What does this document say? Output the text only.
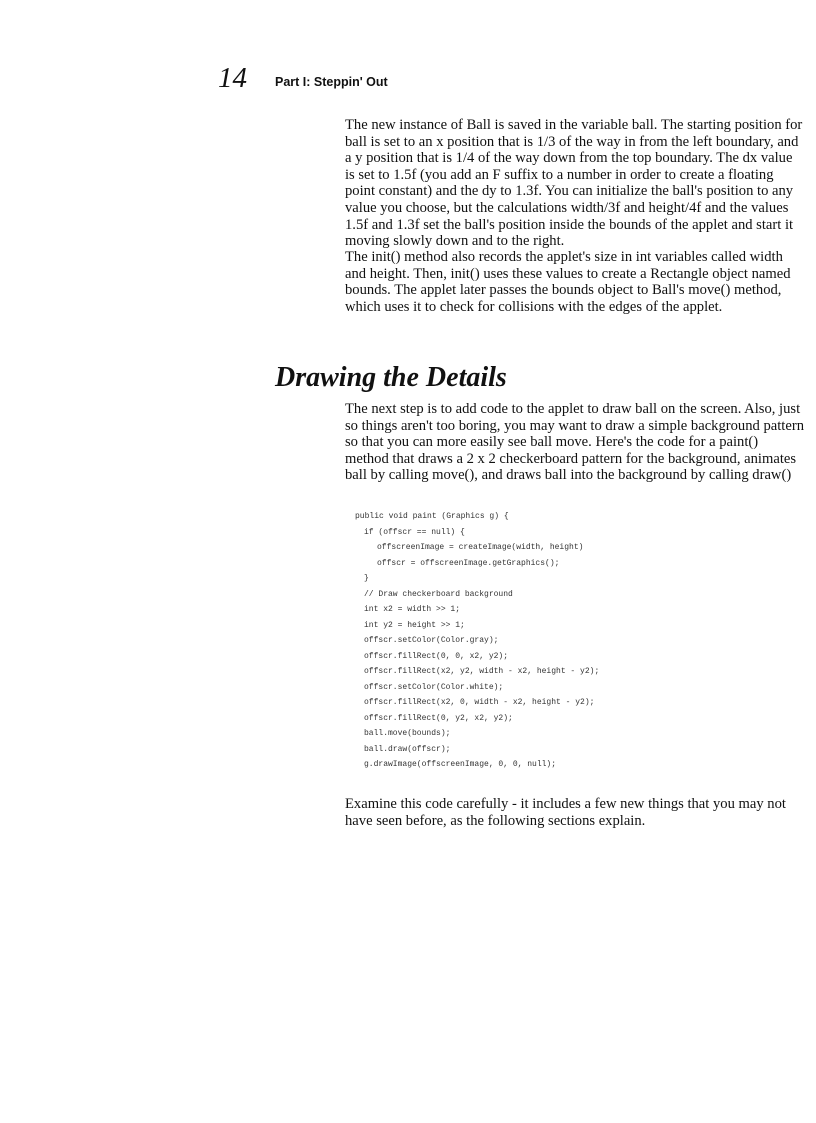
14 Part I: Steppin' Out

The new instance of Ball is saved in the variable ball. The starting position for ball is set to an x position that is 1/3 of the way in from the left boundary, and a y position that is 1/4 of the way down from the top boundary. The dx value is set to 1.5f (you add an F suffix to a number in order to create a floating point constant) and the dy to 1.3f. You can initialize the ball's position to any value you choose, but the calculations width/3f and height/4f and the values 1.5f and 1.3f set the ball's position inside the bounds of the applet and start it moving slowly down and to the right.

The init() method also records the applet's size in int variables called width and height. Then, init() uses these values to create a Rectangle object named bounds. The applet later passes the bounds object to Ball's move() method, which uses it to check for collisions with the edges of the applet.

Drawing the Details

The next step is to add code to the applet to draw ball on the screen. Also, just so things aren't too boring, you may want to draw a simple background pattern so that you can more easily see ball move. Here's the code for a paint() method that draws a 2 x 2 checkerboard pattern for the background, animates ball by calling move(), and draws ball into the background by calling draw()

public void paint (Graphics g) {
if (offscr == null) {
offscreenImage = createImage(width, height)
offscr = offscreenImage.getGraphics();
}
// Draw checkerboard background
int x2 = width >> 1;
int y2 = height >> 1;
offscr.setColor(Color.gray);
offscr.fillRect(0, 0, x2, y2);
offscr.fillRect(x2, y2, width - x2, height - y2);
offscr.setColor(Color.white);
offscr.fillRect(x2, 0, width - x2, height - y2);
offscr.fillRect(0, y2, x2, y2);
ball.move(bounds);
ball.draw(offscr);
g.drawImage(offscreenImage, 0, 0, null);

Examine this code carefully - it includes a few new things that you may not have seen before, as the following sections explain.
